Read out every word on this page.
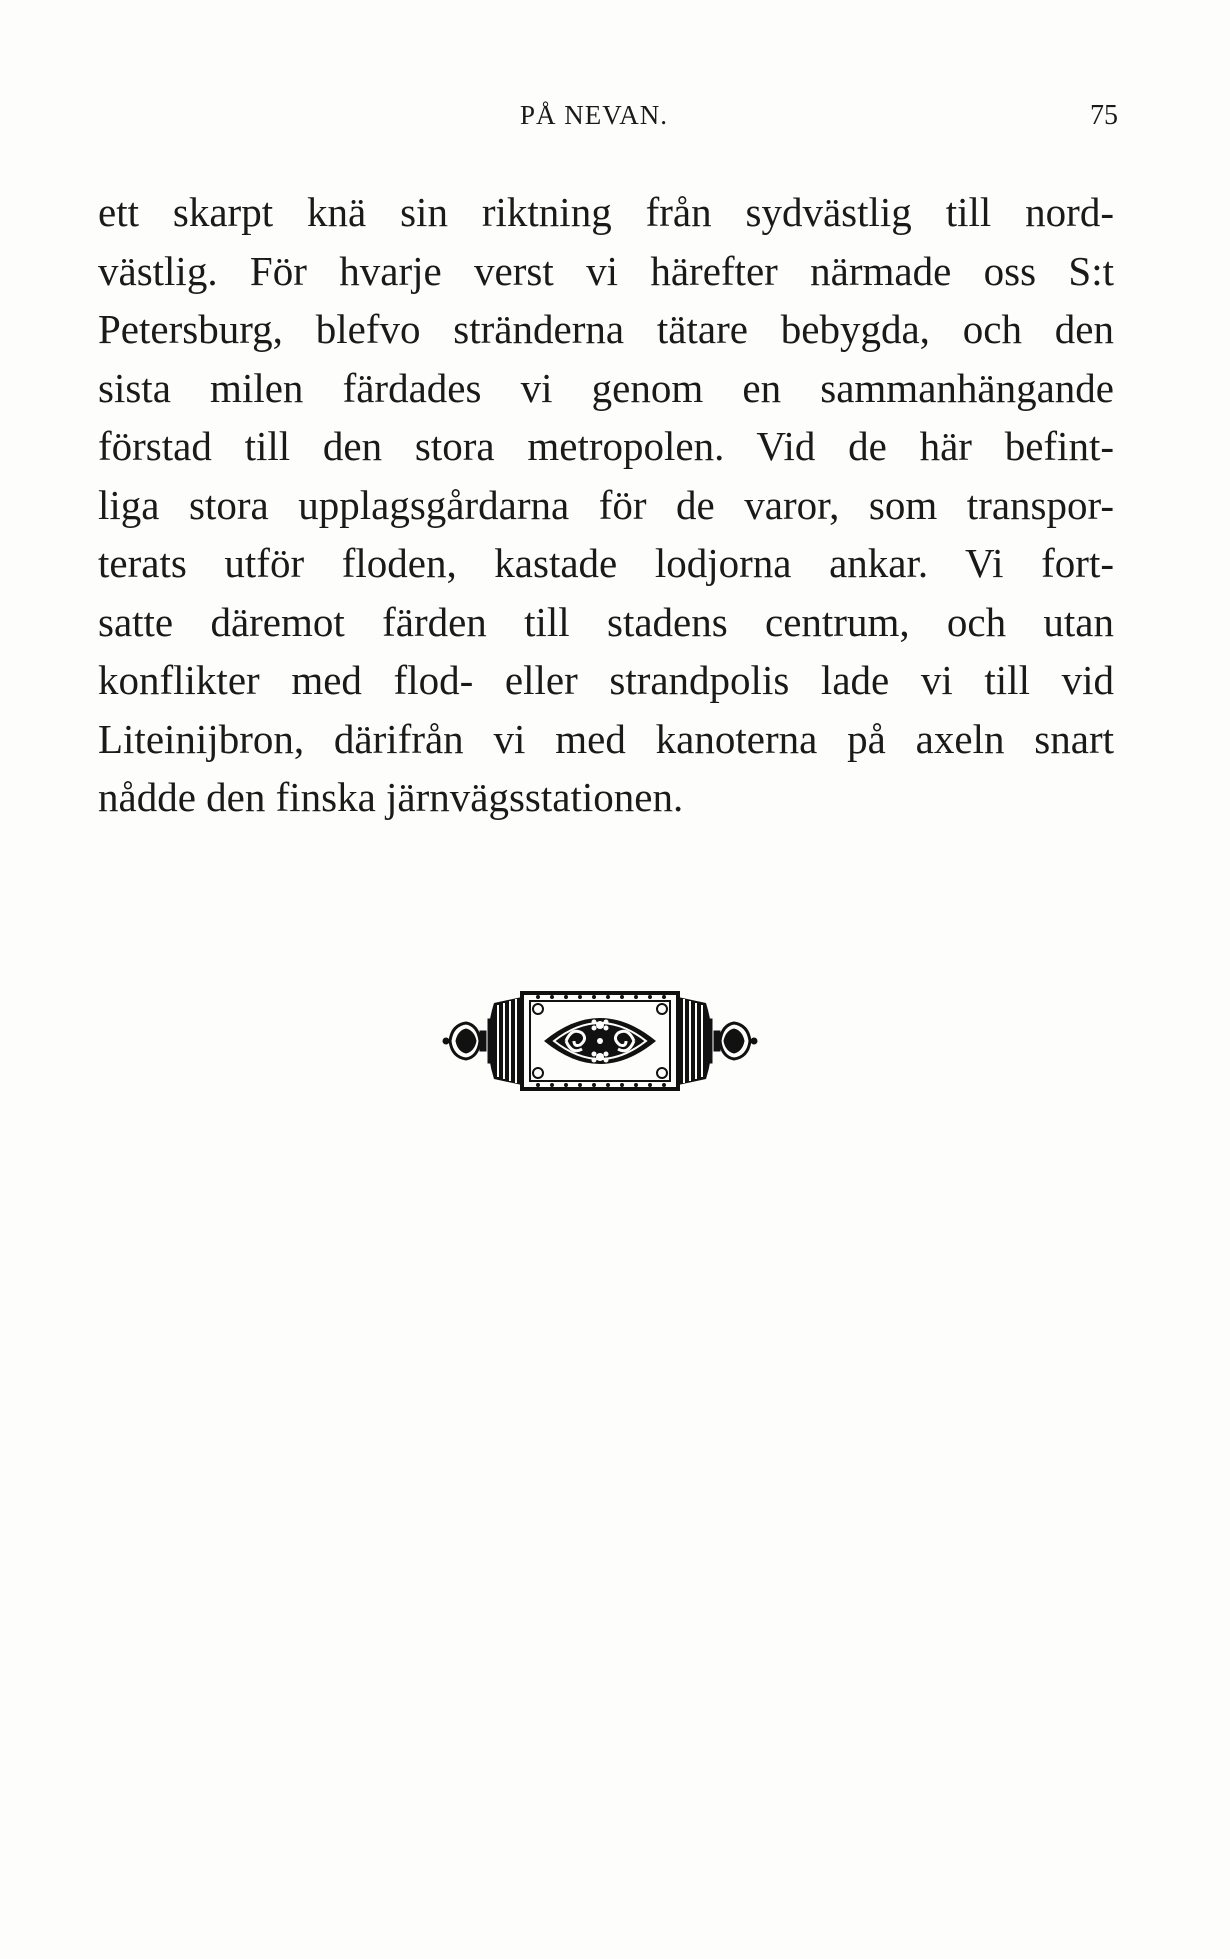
PÅ NEVAN.	75
ett skarpt knä sin riktning från sydvästlig till nord-
västlig. För hvarje verst vi härefter närmade oss S:t
Petersburg, blefvo stränderna tätare bebygda, och den
sista milen färdades vi genom en sammanhängande
förstad till den stora metropolen. Vid de här befint-
liga stora upplagsgårdarna för de varor, som transpor-
terats utför floden, kastade lodjorna ankar. Vi fort-
satte däremot färden till stadens centrum, och utan
konflikter med flod- eller strandpolis lade vi till vid
Liteinijbron, därifrån vi med kanoterna på axeln snart
nådde den finska järnvägsstationen.
